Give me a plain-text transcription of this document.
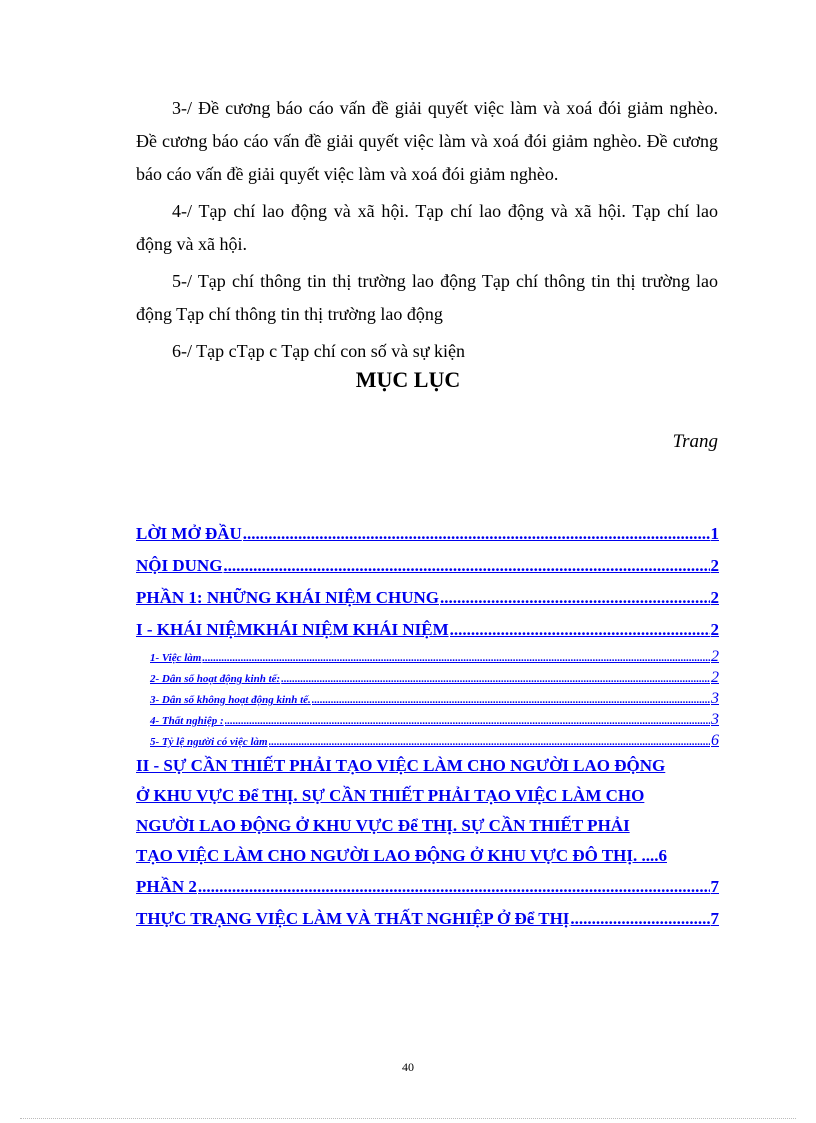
3-/ Đề cương báo cáo vấn đề giải quyết việc làm và xoá đói giảm nghèo. Đề cương báo cáo vấn đề giải quyết việc làm và xoá đói giảm nghèo. Đề cương báo cáo vấn đề giải quyết việc làm và xoá đói giảm nghèo.

4-/ Tạp chí lao động và xã hội. Tạp chí lao động và xã hội. Tạp chí lao động và xã hội.

5-/ Tạp chí thông tin thị trường lao động Tạp chí thông tin thị trường lao động Tạp chí thông tin thị trường lao động

6-/ Tạp cTạp c Tạp chí con số và sự kiện

MỤC LỤC
Trang
LỜI MỞ ĐẦU .....	1
NỘI DUNG .....	2
PHẦN 1: NHỮNG KHÁI NIỆM CHUNG .....	2
I - KHÁI NIỆMKHÁI NIỆM KHÁI NIỆM .....	2
1- Việc làm .....	2
2- Dân số hoạt động kinh tế: .....	2
3- Dân số không hoạt động kinh tế. .....	3
4- Thất nghiệp : .....	3
5- Tỷ lệ người có việc làm .....	6
II - SỰ CẦN THIẾT PHẢI TẠO VIỆC LÀM CHO NGƯỜI LAO ĐỘNG
Ở KHU VỰC Để THỊ. SỰ CẦN THIẾT PHẢI TẠO VIỆC LÀM CHO
NGƯỜI LAO ĐỘNG Ở KHU VỰC Để THỊ. SỰ CẦN THIẾT PHẢI
TẠO VIỆC LÀM CHO NGƯỜI LAO ĐỘNG Ở KHU VỰC ĐÔ THỊ. ....6
PHẦN 2 .....	7
THỰC TRẠNG VIỆC LÀM VÀ THẤT NGHIỆP Ở Để THỊ .....	7
40
